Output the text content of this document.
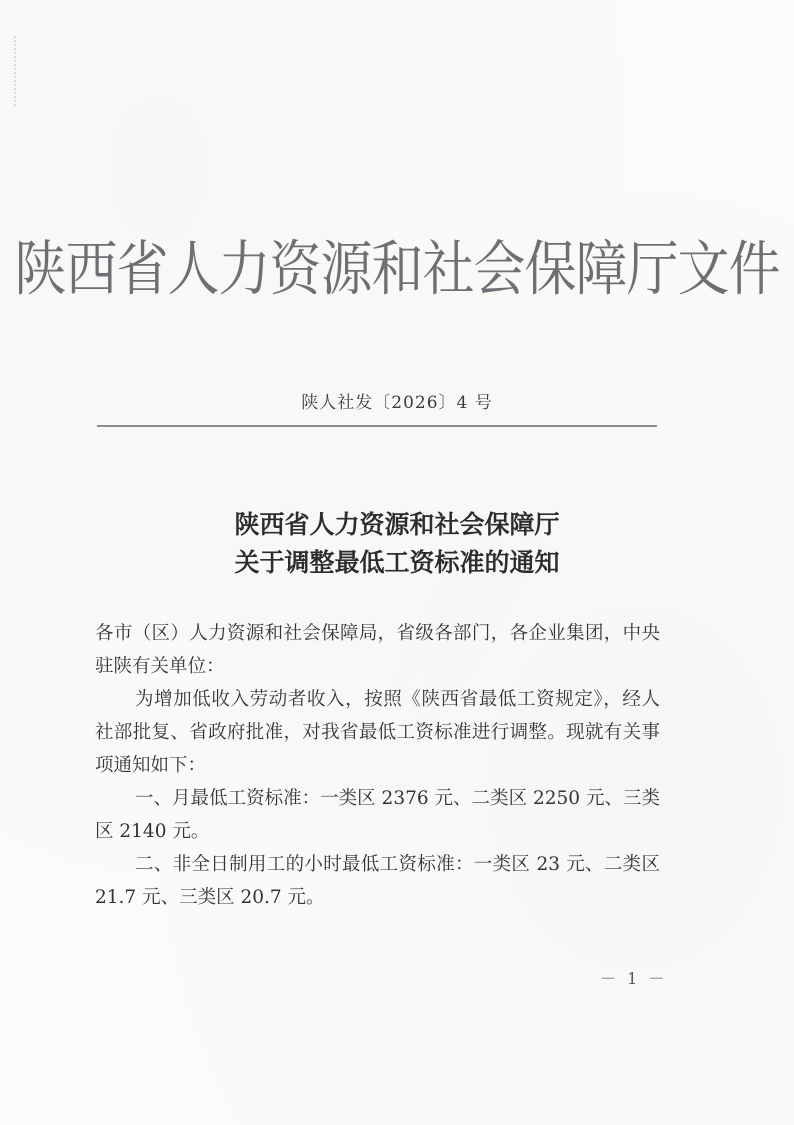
陕西省人力资源和社会保障厅文件
陕人社发〔2026〕4 号
陕西省人力资源和社会保障厅
关于调整最低工资标准的通知

各市（区）人力资源和社会保障局，省级各部门，各企业集团，中央驻陕有关单位：

为增加低收入劳动者收入，按照《陕西省最低工资规定》，经人社部批复、省政府批准，对我省最低工资标准进行调整。现就有关事项通知如下：

一、月最低工资标准：一类区 2376 元、二类区 2250 元、三类区 2140 元。

二、非全日制用工的小时最低工资标准：一类区 23 元、二类区 21.7 元、三类区 20.7 元。

－ 1 －
